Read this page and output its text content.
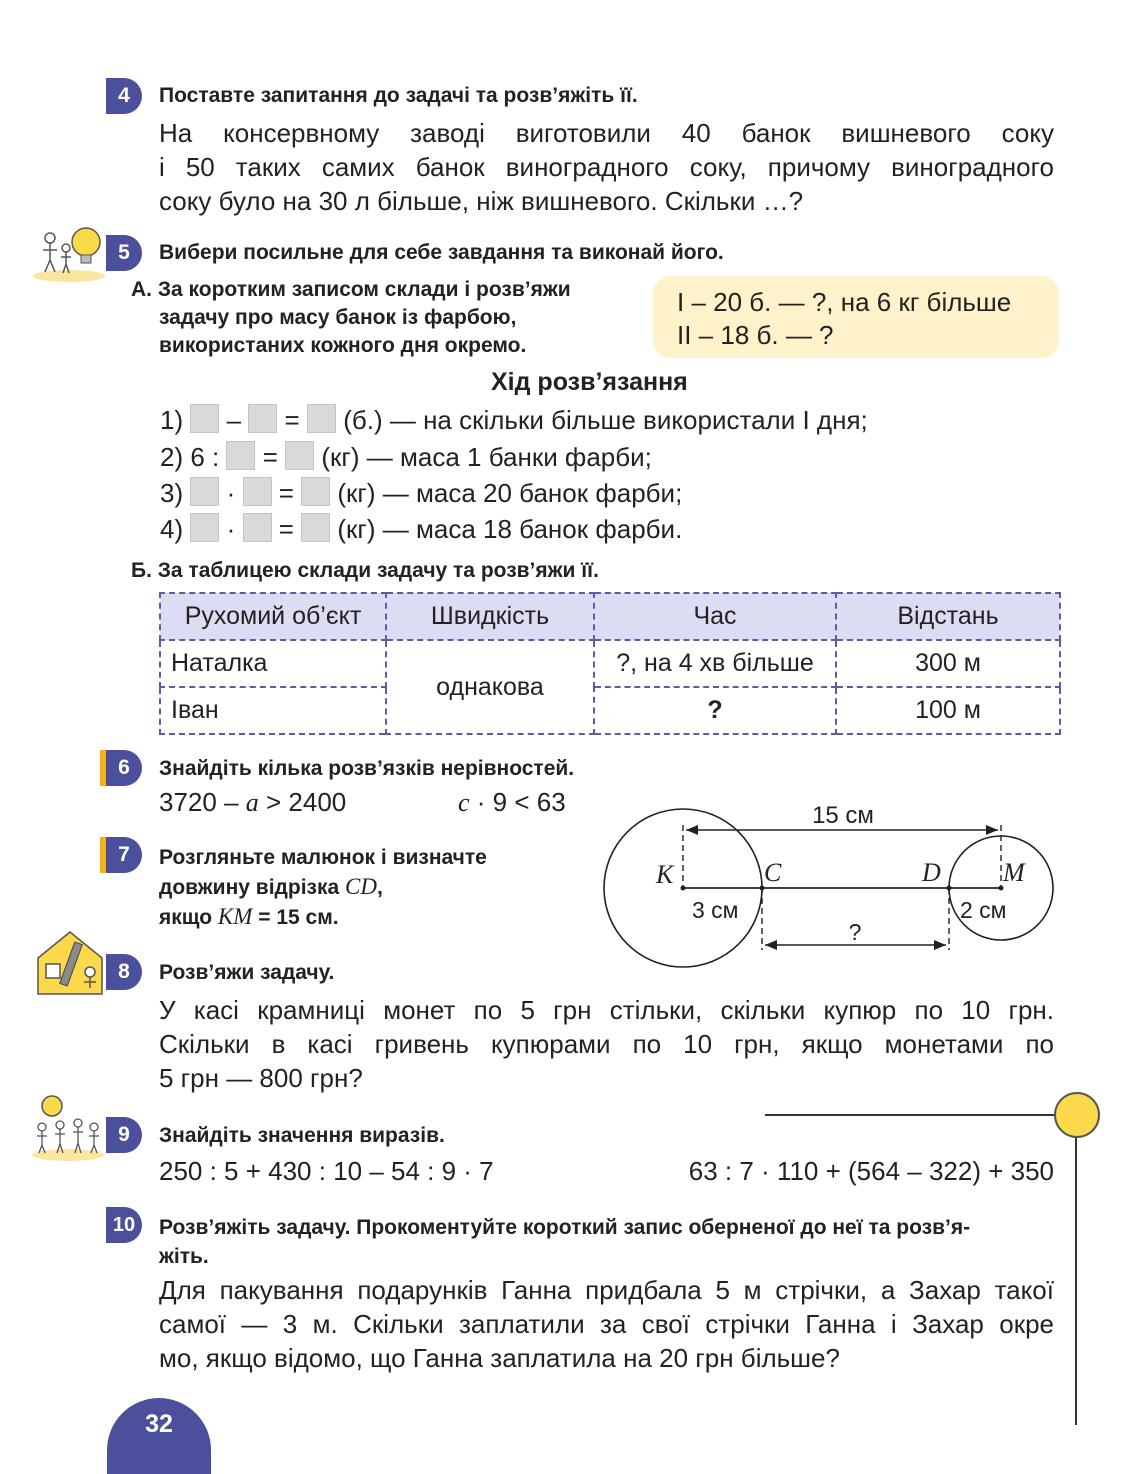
4	Поставте запитання до задачі та розв’яжіть її.
На консервному заводі виготовили 40 банок вишневого соку
і 50 таких самих банок виноградного соку, причому виноградного
соку було на 30 л більше, ніж вишневого. Скільки …?
5	Вибери посильне для себе завдання та виконай його.
А. За коротким записом склади і розв’яжи
задачу про масу банок із фарбою,
використаних кожного дня окремо.
І – 20 б. — ?, на 6 кг більше
ІІ – 18 б. — ?
Хід розв’язання
1) – = (б.) — на скільки більше використали І дня;
2) 6 : = (кг) — маса 1 банки фарби;
3) · = (кг) — маса 20 банок фарби;
4) · = (кг) — маса 18 банок фарби.
Б. За таблицею склади задачу та розв’яжи її.
Рухомий об’єкт	Швидкість	Час	Відстань
Наталка	однакова	?, на 4 хв більше	300 м
Іван		?	100 м
6	Знайдіть кілька розв’язків нерівностей.
3720 – a > 2400	c · 9 < 63
7	Розгляньте малюнок і визначте
довжину відрізка CD,
якщо KM = 15 см.
15 см
K	C	D M
3 см	2 см
?
8	Розв’яжи задачу.
У касі крамниці монет по 5 грн стільки, скільки купюр по 10 грн.
Скільки в касі гривень купюрами по 10 грн, якщо монетами по
5 грн — 800 грн?
9	Знайдіть значення виразів.
250 : 5 + 430 : 10 – 54 : 9 · 7	63 : 7 · 110 + (564 – 322) + 350
10	Розв’яжіть задачу. Прокоментуйте короткий запис оберненої до неї та розв’я-
жіть.
Для пакування подарунків Ганна придбала 5 м стрічки, а Захар такої
самої — 3 м. Скільки заплатили за свої стрічки Ганна і Захар окре
мо, якщо відомо, що Ганна заплатила на 20 грн більше?
32
